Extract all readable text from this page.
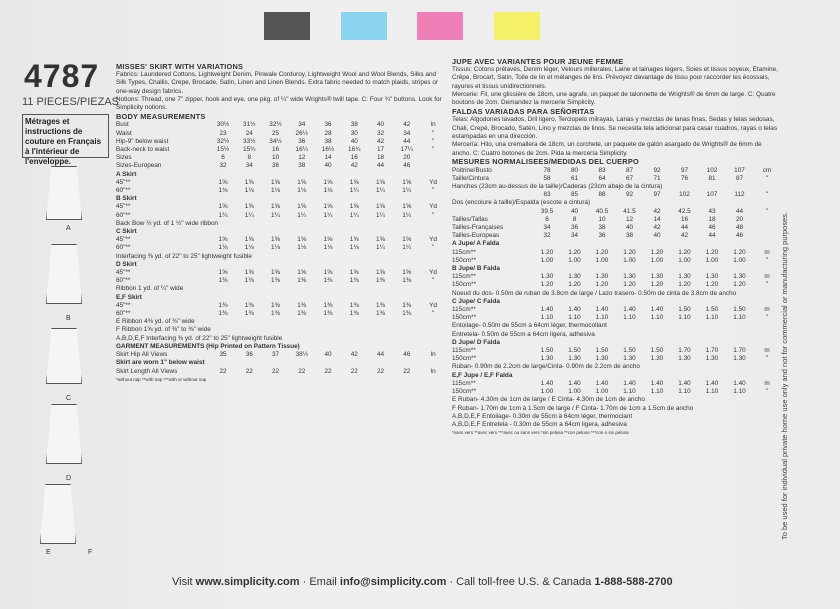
4787
11 PIECES/PIEZAS
Métrages et instructions de couture en Français à l'intérieur de l'enveloppe.
A
B
C
D
E	F
MISSES' SKIRT WITH VARIATIONS
Fabrics: Laundered Cottons, Lightweight Denim, Pinwale Corduroy, Lightweight Wool and Wool Blends, Silks and Silk Types, Challis, Crepe, Brocade, Satin, Linen and Linen Blends. Extra fabric needed to match plaids, stripes or one-way design fabrics.
Notions: Thread, one 7" zipper, hook and eye, one pkg. of ¼" wide Wrights® twill tape. C: Four ¾" buttons. Look for Simplicity notions.
BODY MEASUREMENTS
Bust	30½	31½	32½	34	36	38	40	42	In
Waist	23	24	25	26½	28	30	32	34	"
Hip-9" below waist	32½	33½	34½	36	38	40	42	44	"
Back-neck to waist	15½	15¾	16	16¼	16½	16¾	17	17¼	"
Sizes	6	8	10	12	14	16	18	20
Sizes-European	32	34	36	38	40	42	44	46
A Skirt
45"**	1⅝	1⅝	1⅝	1⅝	1⅝	1⅝	1⅝	1⅝	Yd
60"**	1⅛	1⅛	1⅛	1⅛	1⅛	1¼	1¼	1¼	"
B Skirt
45"**	1⅝	1⅝	1⅝	1⅝	1⅝	1⅝	1⅝	1⅝	Yd
60"**	1¼	1¼	1¼	1¼	1¼	1¼	1¼	1¼	"
Back Bow ½ yd. of 1 ½" wide ribbon
C Skirt
45"**	1⅝	1⅝	1⅝	1⅝	1⅝	1⅝	1⅝	1⅝	Yd
60"**	1⅛	1⅛	1⅛	1⅛	1⅛	1⅛	1¼	1¼	"
Interfacing ⅜ yd. of 22" to 25" lightweight fusible
D Skirt
45"**	1⅝	1⅝	1⅝	1⅝	1⅝	1⅝	1⅝	1⅝	Yd
60"**	1⅜	1⅜	1⅜	1⅜	1⅜	1⅜	1⅜	1⅜	"
Ribbon 1 yd. of ¼" wide
E,F Skirt
45"**	1⅜	1⅜	1⅜	1⅜	1⅜	1⅜	1⅜	1⅜	Yd
60"**	1⅜	1⅜	1⅜	1⅜	1⅜	1⅜	1⅜	1⅜	"
E Ribbon 4⅜ yd. of ⅜" wide
F Ribbon 1⅝ yd. of ⅜" to ⅜" wide
A,B,D,E,F Interfacing ⅜ yd. of 22" to 25" lightweight fusible
GARMENT MEASUREMENTS (Hip Printed on Pattern Tissue)
Skirt Hip All Views	35	36	37	38½	40	42	44	46	In
Skirt are worn 1" below waist
Skirt Length All Views	22	22	22	22	22	22	22	22	In
*without nap **with nap ***with or without nap
JUPE AVEC VARIANTES POUR JEUNE FEMME
Tissus: Cotons prélavés, Denim léger, Velours millerales, Laine et lainages légers, Soies et tissus soyeux, Étamine, Crêpe, Brocart, Satin, Toile de lin et mélanges de lins. Prévoyez davantage de tissu pour raccorder les écossais, rayures et tissus unidirectionnels.
Mercerie: Fil, une glissière de 18cm, une agrafe, un paquet de talonnette de Wrights® de 6mm de large. C: Quatre boutons de 2cm. Demandez la mercerie Simplicity.
FALDAS VARIADAS PARA SEÑORITAS
Telas: Algodones lavados, Dril ligero, Terciopelo milrayas, Lanas y mezclas de lanas finas, Sedas y telas sedosas, Chali, Crepé, Brocado, Satén, Lino y mezclas de linos. Se necesita tela adicional para casar cuadros, rayas o telas estampadas en una dirección.
Mercería: Hilo, una cremallera de 18cm, un corchete, un paquete de galón asargado de Wrights® de 6mm de ancho. C: Cuatro botones de 2cm. Pida la mercería Simplicity.
MESURES NORMALISEES/MEDIDAS DEL CUERPO
Poitrine/Busto	78	80	83	87	92	97	102	107	cm
Taille/Cintura	58	61	64	67	71	76	81	87	"
Hanches (23cm au-dessus de la taille)/Caderas (23cm abajo de la cintura)
83	85	88	92	97	102	107	112	"
Dos (encolure à taille)/Espalda (escote a cintura)
39.5	40	40.5	41.5	42	42.5	43	44	"
Tailles/Tallas	6	8	10	12	14	16	18	20
Tailles-Françaises	34	36	38	40	42	44	46	48
Tailles-Europeas	32	34	36	38	40	42	44	46
A Jupe/ A Falda
115cm**	1.20	1.20	1.20	1.20	1.20	1.20	1.20	1.20	m
150cm**	1.00	1.00	1.00	1.00	1.00	1.00	1.00	1.00	"
B Jupe/ B Falda
115cm**	1.30	1.30	1.30	1.30	1.30	1.30	1.30	1.30	m
150cm**	1.20	1.20	1.20	1.20	1.20	1.20	1.20	1.20	"
Noeud du dos- 0.50m de ruban de 3.8cm de large / Lazo trasero- 0.50m de cinta de 3.8cm de ancho
C Jupe/ C Falda
115cm**	1.40	1.40	1.40	1.40	1.40	1.50	1.50	1.50	m
150cm**	1.10	1.10	1.10	1.10	1.10	1.10	1.10	1.10	"
Entoilage- 0.50m de 55cm à 64cm léger, thermocollant
Entretela- 0.50m de 55cm a 64cm ligera, adhesiva
D Jupe/ D Falda
115cm**	1.50	1.50	1.50	1.50	1.50	1.70	1.70	1.70	m
150cm**	1.30	1.30	1.30	1.30	1.30	1.30	1.30	1.30	"
Ruban- 0.90m de 2.2cm de large/Cinta- 0.90m de 2.2cm de ancho
E,F Jupe / E,F Falda
115cm**	1.40	1.40	1.40	1.40	1.40	1.40	1.40	1.40	m
150cm**	1.00	1.00	1.00	1.10	1.10	1.10	1.10	1.10	"
E Ruban- 4.30m de 1cm de large / E Cinta- 4.30m de 1cm de ancho
F Ruban- 1.70m de 1cm à 1.5cm de large / F Cinta- 1.70m de 1cm a 1.5cm de ancho
A,B,D,E,F Entoilage- 0.30m de 55cm à 64cm léger, thermoclant
A,B,D,E,F Entretela - 0.30m de 55cm a 64cm ligera, adhesiva
*sans vers **avec vers ***avec ou sans vers *sin pelusa **con pelusa ***con o sin pelusa	To be used for individual private home use only and not for commercial or manufacturing purposes.
Visit www.simplicity.com · Email info@simplicity.com · Call toll-free U.S. & Canada 1-888-588-2700
